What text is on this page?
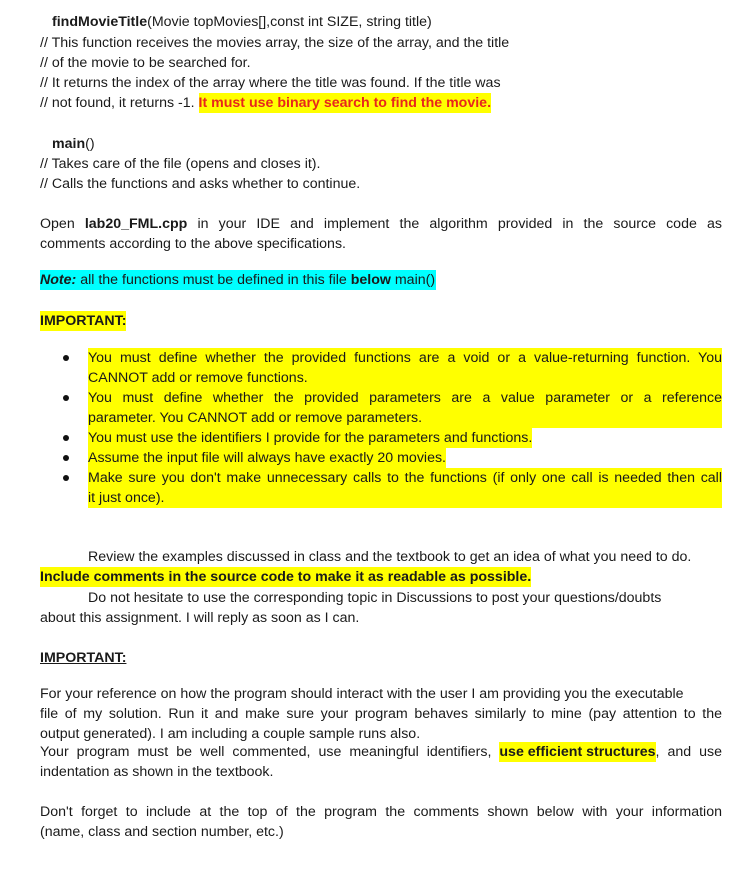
findMovieTitle(Movie topMovies[],const int SIZE, string title)
// This function receives the movies array, the size of the array, and the title
// of the movie to be searched for.
// It returns the index of the array where the title was found. If the title was
// not found, it returns -1. It must use binary search to find the movie.
main()
// Takes care of the file (opens and closes it).
// Calls the functions and asks whether to continue.
Open lab20_FML.cpp in your IDE and implement the algorithm provided in the source code as
comments according to the above specifications.
Note: all the functions must be defined in this file below main()
IMPORTANT:
You must define whether the provided functions are a void or a value-returning function. You
CANNOT add or remove functions.
You must define whether the provided parameters are a value parameter or a reference
parameter. You CANNOT add or remove parameters.
You must use the identifiers I provide for the parameters and functions.
Assume the input file will always have exactly 20 movies.
Make sure you don't make unnecessary calls to the functions (if only one call is needed then call
it just once).
Review the examples discussed in class and the textbook to get an idea of what you need to do.
Include comments in the source code to make it as readable as possible.
Do not hesitate to use the corresponding topic in Discussions to post your questions/doubts
about this assignment. I will reply as soon as I can.
IMPORTANT:
For your reference on how the program should interact with the user I am providing you the executable
file of my solution. Run it and make sure your program behaves similarly to mine (pay attention to the
output generated). I am including a couple sample runs also.
Your program must be well commented, use meaningful identifiers, use efficient structures, and use
indentation as shown in the textbook.
Don't forget to include at the top of the program the comments shown below with your information
(name, class and section number, etc.)
